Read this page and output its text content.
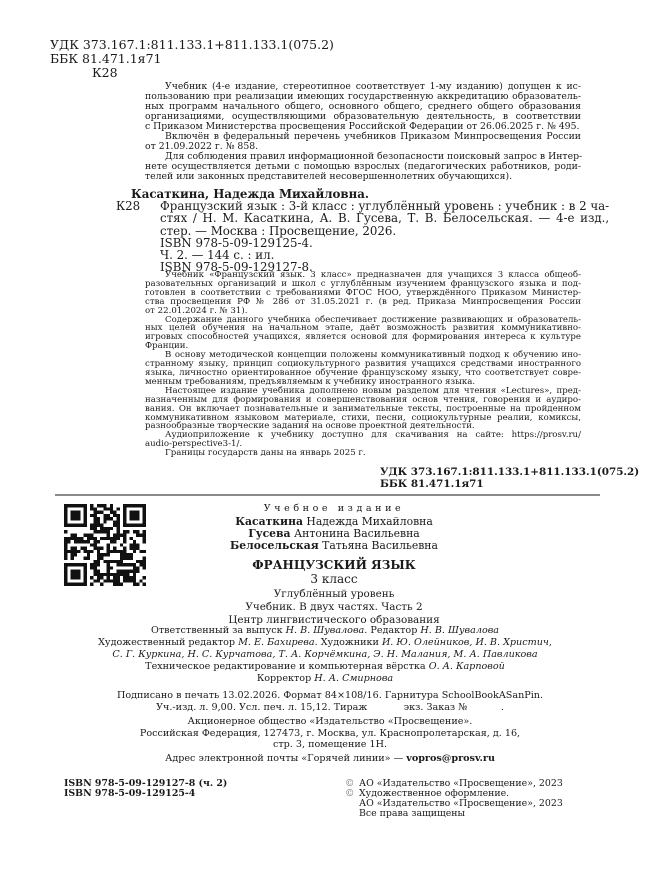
УДК 373.167.1:811.133.1+811.133.1(075.2)
ББК 81.471.1я71
К28
Учебник (4-е издание, стереотипное соответствует 1-му изданию) допущен к ис-
пользованию при реализации имеющих государственную аккредитацию образователь-
ных программ начального общего, основного общего, среднего общего образования
организациями, осуществляющими образовательную деятельность, в соответствии
с Приказом Министерства просвещения Российской Федерации от 26.06.2025 г. № 495.
Включён в федеральный перечень учебников Приказом Минпросвещения России
от 21.09.2022 г. № 858.
Для соблюдения правил информационной безопасности поисковый запрос в Интер-
нете осуществляется детьми с помощью взрослых (педагогических работников, роди-
телей или законных представителей несовершеннолетних обучающихся).
Касаткина, Надежда Михайловна.
К28	Французский язык : 3-й класс : углублённый уровень : учебник : в 2 ча-
стях / Н. М. Касаткина, А. В. Гусева, Т. В. Белосельская. — 4-е изд.,
стер. — Москва : Просвещение, 2026.
ISBN 978-5-09-129125-4.
Ч. 2. — 144 с. : ил.
ISBN 978-5-09-129127-8.
Учебник «Французский язык. 3 класс» предназначен для учащихся 3 класса общеоб-
разовательных организаций и школ с углублённым изучением французского языка и под-
готовлен в соответствии с требованиями ФГОС НОО, утверждённого Приказом Министер-
ства просвещения РФ № 286 от 31.05.2021 г. (в ред. Приказа Минпросвещения России
от 22.01.2024 г. № 31).
Содержание данного учебника обеспечивает достижение развивающих и образователь-
ных целей обучения на начальном этапе, даёт возможность развития коммуникативно-
игровых способностей учащихся, является основой для формирования интереса к культуре
Франции.
В основу методической концепции положены коммуникативный подход к обучению ино-
странному языку, принцип социокультурного развития учащихся средствами иностранного
языка, личностно ориентированное обучение французскому языку, что соответствует совре-
менным требованиям, предъявляемым к учебнику иностранного языка.
Настоящее издание учебника дополнено новым разделом для чтения «Lectures», пред-
назначенным для формирования и совершенствования основ чтения, говорения и аудиро-
вания. Он включает познавательные и занимательные тексты, построенные на пройденном
коммуникативном языковом материале, стихи, песни, социокультурные реалии, комиксы,
разнообразные творческие задания на основе проектной деятельности.
Аудиоприложение к учебнику доступно для скачивания на сайте: https://prosv.ru/
audio-perspective3-1/.
Границы государств даны на январь 2025 г.
УДК 373.167.1:811.133.1+811.133.1(075.2)
ББК 81.471.1я71
Учебное издание
Касаткина Надежда Михайловна
Гусева Антонина Васильевна
Белосельская Татьяна Васильевна
ФРАНЦУЗСКИЙ ЯЗЫК
3 класс
Углублённый уровень
Учебник. В двух частях. Часть 2
Центр лингвистического образования
Ответственный за выпуск Н. В. Шувалова. Редактор Н. В. Шувалова
Художественный редактор М. Е. Бахирева. Художники И. Ю. Олейников, И. В. Христич,
С. Г. Куркина, Н. С. Курчатова, Т. А. Корчёмкина, Э. Н. Малания, М. А. Павликова
Техническое редактирование и компьютерная вёрстка О. А. Карповой
Корректор Н. А. Смирнова
Подписано в печать 13.02.2026. Формат 84×108/16. Гарнитура SchoolBookASanPin.
Уч.-изд. л. 9,00. Усл. печ. л. 15,12. Тираж            экз. Заказ №           .
Акционерное общество «Издательство «Просвещение».
Российская Федерация, 127473, г. Москва, ул. Краснопролетарская, д. 16,
стр. 3, помещение 1Н.
Адрес электронной почты «Горячей линии» — vopros@prosv.ru
ISBN 978-5-09-129127-8 (ч. 2)
ISBN 978-5-09-129125-4
© АО «Издательство «Просвещение», 2023
© Художественное оформление.
АО «Издательство «Просвещение», 2023
Все права защищены
